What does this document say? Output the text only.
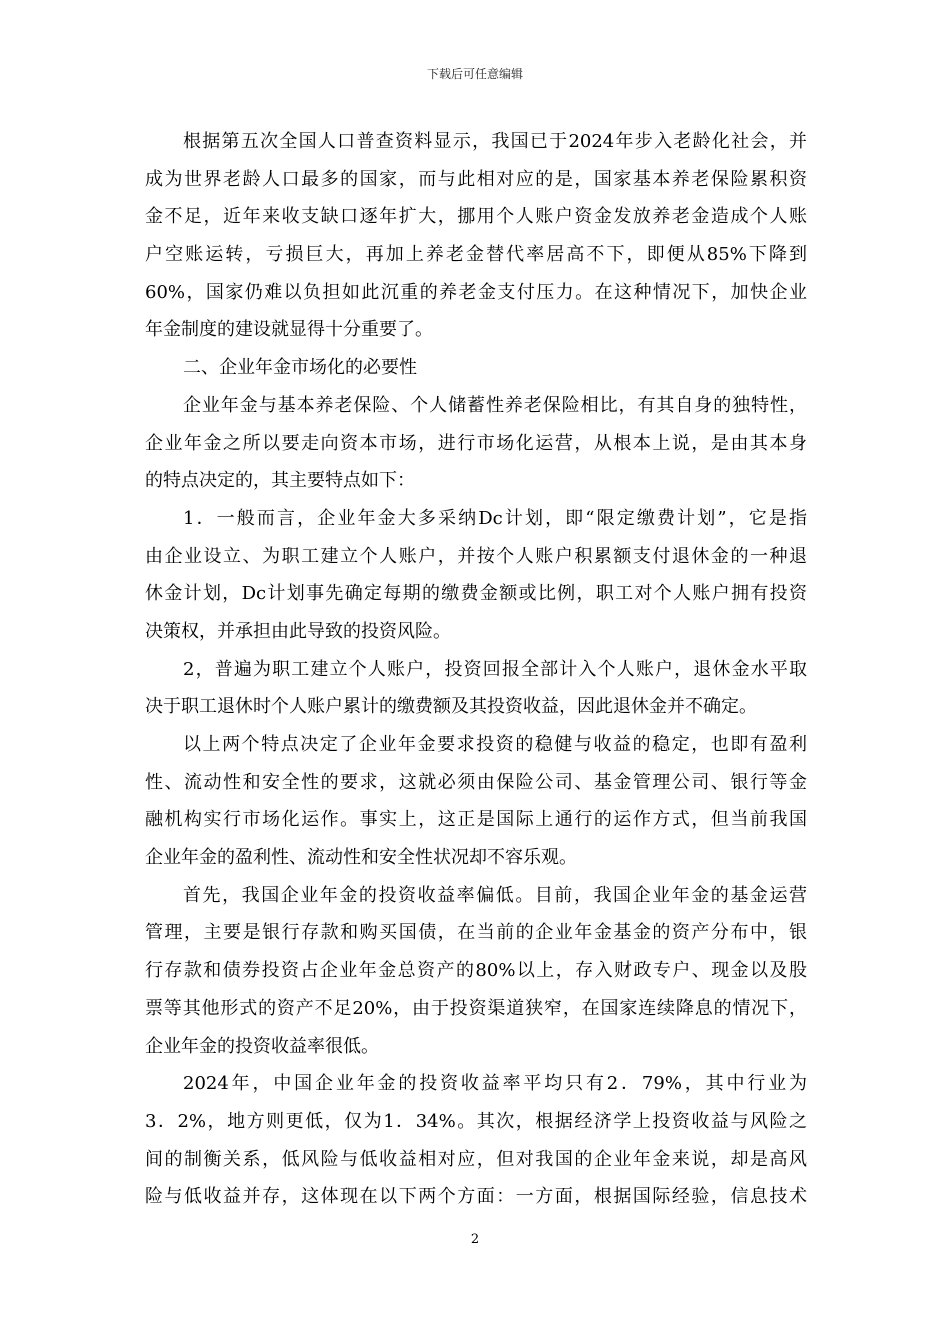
下载后可任意编辑
根据第五次全国人口普查资料显示，我国已于2024年步入老龄化社会，并
成为世界老龄人口最多的国家，而与此相对应的是，国家基本养老保险累积资
金不足，近年来收支缺口逐年扩大，挪用个人账户资金发放养老金造成个人账
户空账运转，亏损巨大，再加上养老金替代率居高不下，即便从85%下降到
60%，国家仍难以负担如此沉重的养老金支付压力。在这种情况下，加快企业
年金制度的建设就显得十分重要了。
二、企业年金市场化的必要性
企业年金与基本养老保险、个人储蓄性养老保险相比，有其自身的独特性，
企业年金之所以要走向资本市场，进行市场化运营，从根本上说，是由其本身
的特点决定的，其主要特点如下：
1．一般而言，企业年金大多采纳Dc计划，即“限定缴费计划”，它是指
由企业设立、为职工建立个人账户，并按个人账户积累额支付退休金的一种退
休金计划，Dc计划事先确定每期的缴费金额或比例，职工对个人账户拥有投资
决策权，并承担由此导致的投资风险。
2，普遍为职工建立个人账户，投资回报全部计入个人账户，退休金水平取
决于职工退休时个人账户累计的缴费额及其投资收益，因此退休金并不确定。
以上两个特点决定了企业年金要求投资的稳健与收益的稳定，也即有盈利
性、流动性和安全性的要求，这就必须由保险公司、基金管理公司、银行等金
融机构实行市场化运作。事实上，这正是国际上通行的运作方式，但当前我国
企业年金的盈利性、流动性和安全性状况却不容乐观。
首先，我国企业年金的投资收益率偏低。目前，我国企业年金的基金运营
管理，主要是银行存款和购买国债，在当前的企业年金基金的资产分布中，银
行存款和债券投资占企业年金总资产的80%以上，存入财政专户、现金以及股
票等其他形式的资产不足20%，由于投资渠道狭窄，在国家连续降息的情况下，
企业年金的投资收益率很低。
2024年，中国企业年金的投资收益率平均只有2．79%，其中行业为
3．2%，地方则更低，仅为1．34%。其次，根据经济学上投资收益与风险之
间的制衡关系，低风险与低收益相对应，但对我国的企业年金来说，却是高风
险与低收益并存，这体现在以下两个方面：一方面，根据国际经验，信息技术
2
